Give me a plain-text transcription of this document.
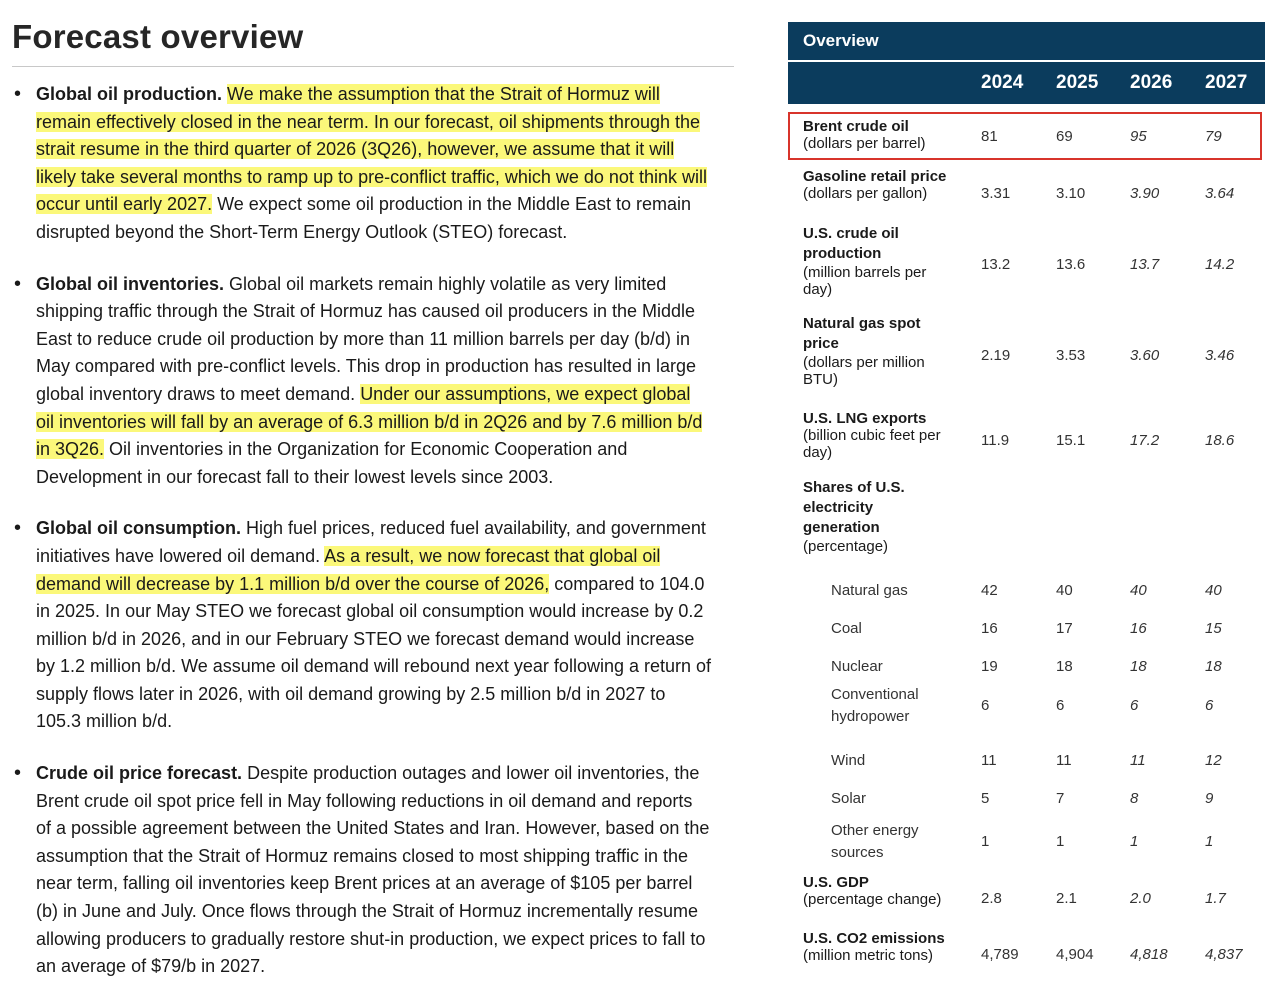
Forecast overview
• Global oil production. We make the assumption that the Strait of Hormuz will remain effectively closed in the near term. In our forecast, oil shipments through the strait resume in the third quarter of 2026 (3Q26), however, we assume that it will likely take several months to ramp up to pre-conflict traffic, which we do not think will occur until early 2027. We expect some oil production in the Middle East to remain disrupted beyond the Short-Term Energy Outlook (STEO) forecast.
• Global oil inventories. Global oil markets remain highly volatile as very limited shipping traffic through the Strait of Hormuz has caused oil producers in the Middle East to reduce crude oil production by more than 11 million barrels per day (b/d) in May compared with pre-conflict levels. This drop in production has resulted in large global inventory draws to meet demand. Under our assumptions, we expect global oil inventories will fall by an average of 6.3 million b/d in 2Q26 and by 7.6 million b/d in 3Q26. Oil inventories in the Organization for Economic Cooperation and Development in our forecast fall to their lowest levels since 2003.
• Global oil consumption. High fuel prices, reduced fuel availability, and government initiatives have lowered oil demand. As a result, we now forecast that global oil demand will decrease by 1.1 million b/d over the course of 2026, compared to 104.0 in 2025. In our May STEO we forecast global oil consumption would increase by 0.2 million b/d in 2026, and in our February STEO we forecast demand would increase by 1.2 million b/d. We assume oil demand will rebound next year following a return of supply flows later in 2026, with oil demand growing by 2.5 million b/d in 2027 to 105.3 million b/d.
• Crude oil price forecast. Despite production outages and lower oil inventories, the Brent crude oil spot price fell in May following reductions in oil demand and reports of a possible agreement between the United States and Iran. However, based on the assumption that the Strait of Hormuz remains closed to most shipping traffic in the near term, falling oil inventories keep Brent prices at an average of $105 per barrel (b) in June and July. Once flows through the Strait of Hormuz incrementally resume allowing producers to gradually restore shut-in production, we expect prices to fall to an average of $79/b in 2027.
Overview
2024 2025 2026 2027
Brent crude oil
(dollars per barrel)	81	69	95	79
Gasoline retail price
(dollars per gallon)	3.31	3.10	3.90	3.64
U.S. crude oil production
(million barrels per day)
13.2	13.6	13.7	14.2
Natural gas spot price
(dollars per million BTU)
2.19	3.53	3.60	3.46
U.S. LNG exports
(billion cubic feet per day)
11.9	15.1	17.2	18.6
Shares of U.S. electricity generation
(percentage)
Natural gas	42	40	40	40
Coal	16	17	16	15
Nuclear	19	18	18	18
Conventional hydropower
6	6	6	6
Wind	11	11	11	12
Solar	5	7	8	9
Other energy sources
1	1	1	1
U.S. GDP
(percentage change)	2.8	2.1	2.0	1.7
U.S. CO2 emissions
(million metric tons)	4,789 4,904 4,818 4,837
